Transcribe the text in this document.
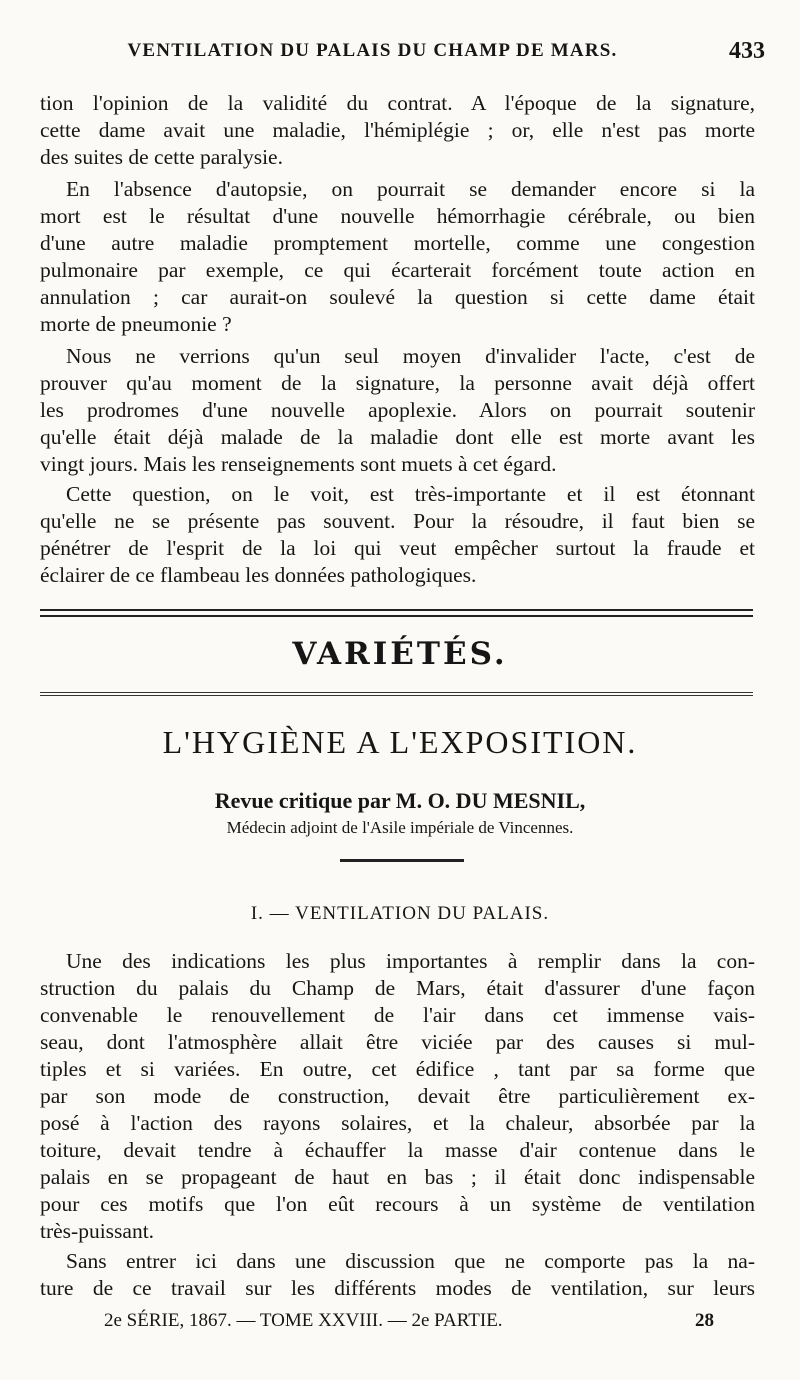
VENTILATION DU PALAIS DU CHAMP DE MARS.	433
tion l'opinion de la validité du contrat. A l'époque de la signature,
cette dame avait une maladie, l'hémiplégie ; or, elle n'est pas morte
des suites de cette paralysie.
En l'absence d'autopsie, on pourrait se demander encore si la
mort est le résultat d'une nouvelle hémorrhagie cérébrale, ou bien
d'une autre maladie promptement mortelle, comme une congestion
pulmonaire par exemple, ce qui écarterait forcément toute action en
annulation ; car aurait-on soulevé la question si cette dame était
morte de pneumonie ?
Nous ne verrions qu'un seul moyen d'invalider l'acte, c'est de
prouver qu'au moment de la signature, la personne avait déjà offert
les prodromes d'une nouvelle apoplexie. Alors on pourrait soutenir
qu'elle était déjà malade de la maladie dont elle est morte avant les
vingt jours. Mais les renseignements sont muets à cet égard.
Cette question, on le voit, est très-importante et il est étonnant
qu'elle ne se présente pas souvent. Pour la résoudre, il faut bien se
pénétrer de l'esprit de la loi qui veut empêcher surtout la fraude et
éclairer de ce flambeau les données pathologiques.
VARIÉTÉS.
L'HYGIÈNE A L'EXPOSITION.
Revue critique par M. O. DU MESNIL,
Médecin adjoint de l'Asile impériale de Vincennes.
I. — VENTILATION DU PALAIS.
Une des indications les plus importantes à remplir dans la con-
struction du palais du Champ de Mars, était d'assurer d'une façon
convenable le renouvellement de l'air dans cet immense vais-
seau, dont l'atmosphère allait être viciée par des causes si mul-
tiples et si variées. En outre, cet édifice , tant par sa forme que
par son mode de construction, devait être particulièrement ex-
posé à l'action des rayons solaires, et la chaleur, absorbée par la
toiture, devait tendre à échauffer la masse d'air contenue dans le
palais en se propageant de haut en bas ; il était donc indispensable
pour ces motifs que l'on eût recours à un système de ventilation
très-puissant.
Sans entrer ici dans une discussion que ne comporte pas la na-
ture de ce travail sur les différents modes de ventilation, sur leurs
2e SÉRIE, 1867. — TOME XXVIII. — 2e PARTIE.	28
